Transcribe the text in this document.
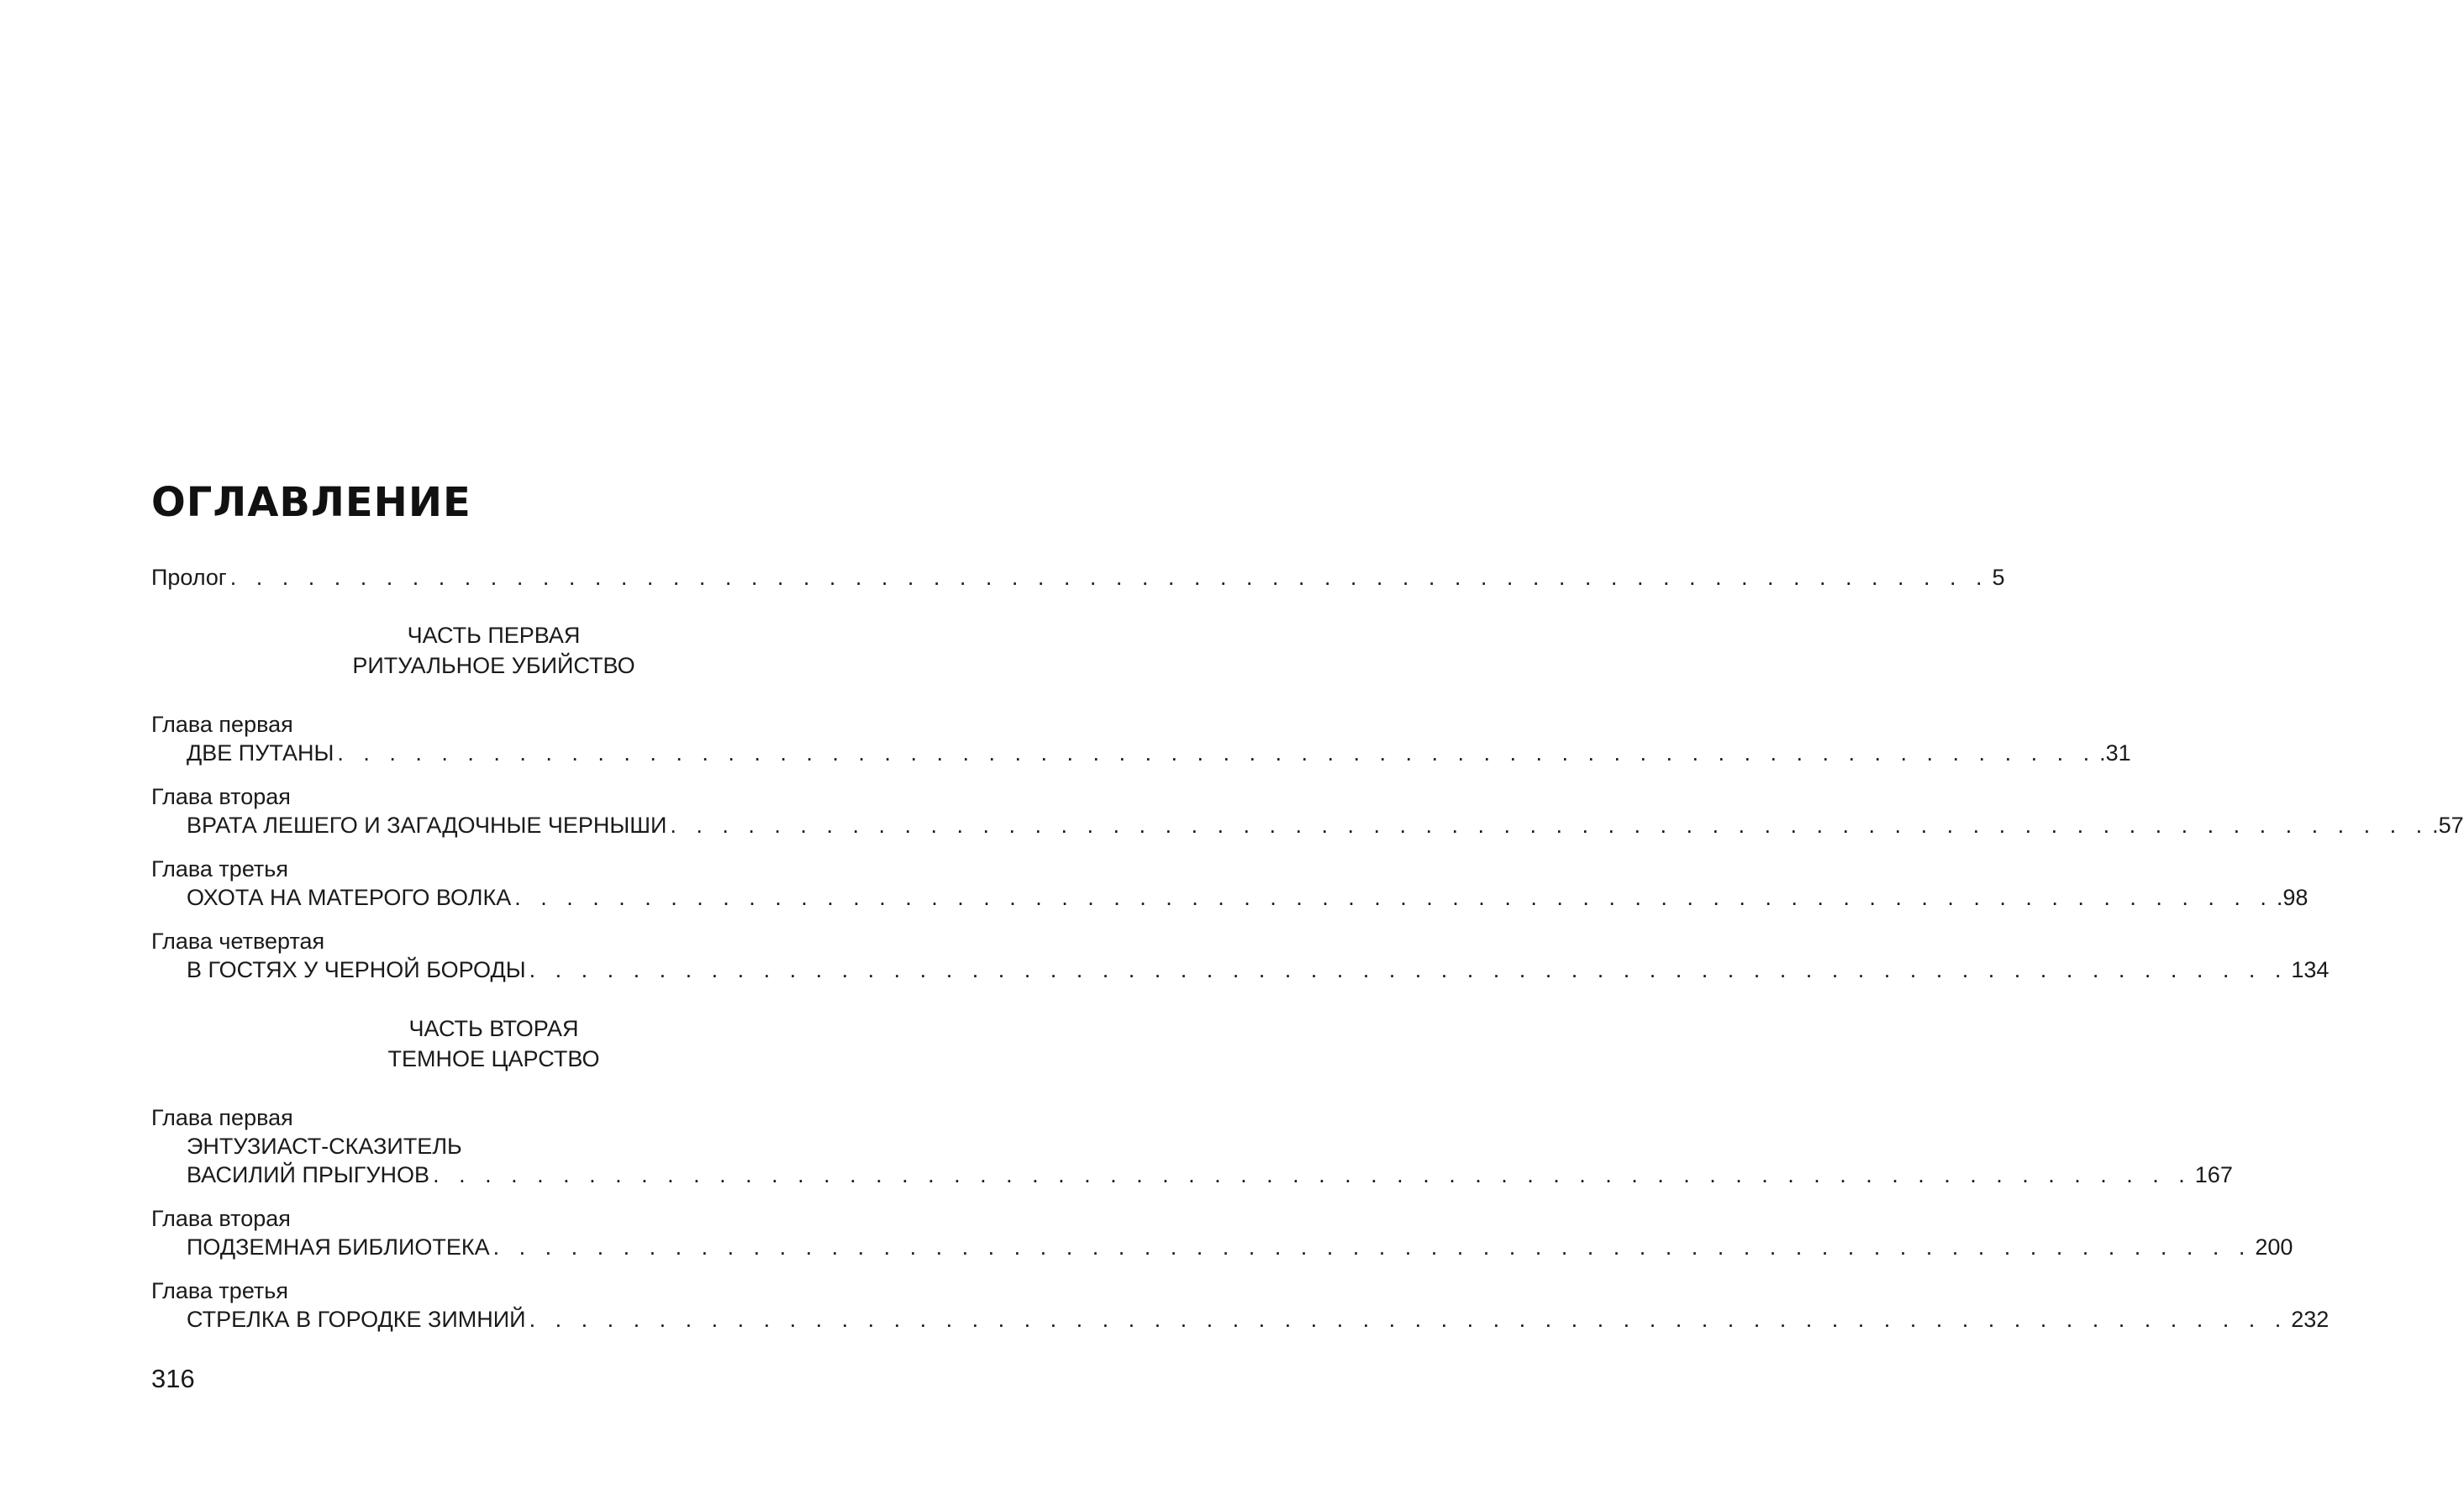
ОГЛАВЛЕНИЕ
Пролог . . . . . . . . . . . . . . . . . . . . . . . . . . . . . . . . . . . . . . . . . . . . . . . . . . . . . . . . . . . . . . . . . . . . 5
ЧАСТЬ ПЕРВАЯ
РИТУАЛЬНОЕ УБИЙСТВО
Глава первая
ДВЕ ПУТАНЫ . . . . . . . . . . . . . . . . . . . . . . . . . . . . . . . . . . . . . . . . . . . . . . . . . . . . . . . . . . . . . . . . . . . . .31
Глава вторая
ВРАТА ЛЕШЕГО И ЗАГАДОЧНЫЕ ЧЕРНЫШИ . . . . . . . . . . . . . . . . . . . . . . . . . . . . . . . . . . . . . . . . . . . . . . . . . . . . . . . . . . . . . . . . . . . . .57
Глава третья
ОХОТА НА МАТЕРОГО ВОЛКА . . . . . . . . . . . . . . . . . . . . . . . . . . . . . . . . . . . . . . . . . . . . . . . . . . . . . . . . . . . . . . . . . . . . .98
Глава четвертая
В ГОСТЯХ У ЧЕРНОЙ БОРОДЫ . . . . . . . . . . . . . . . . . . . . . . . . . . . . . . . . . . . . . . . . . . . . . . . . . . . . . . . . . . . . . . . . . . . . 134
ЧАСТЬ ВТОРАЯ
ТЕМНОЕ ЦАРСТВО
Глава первая
ЭНТУЗИАСТ-СКАЗИТЕЛЬ
ВАСИЛИЙ ПРЫГУНОВ . . . . . . . . . . . . . . . . . . . . . . . . . . . . . . . . . . . . . . . . . . . . . . . . . . . . . . . . . . . . . . . . . . . . 167
Глава вторая
ПОДЗЕМНАЯ БИБЛИОТЕКА . . . . . . . . . . . . . . . . . . . . . . . . . . . . . . . . . . . . . . . . . . . . . . . . . . . . . . . . . . . . . . . . . . . . 200
Глава третья
СТРЕЛКА В ГОРОДКЕ ЗИМНИЙ . . . . . . . . . . . . . . . . . . . . . . . . . . . . . . . . . . . . . . . . . . . . . . . . . . . . . . . . . . . . . . . . . . . . 232
316
